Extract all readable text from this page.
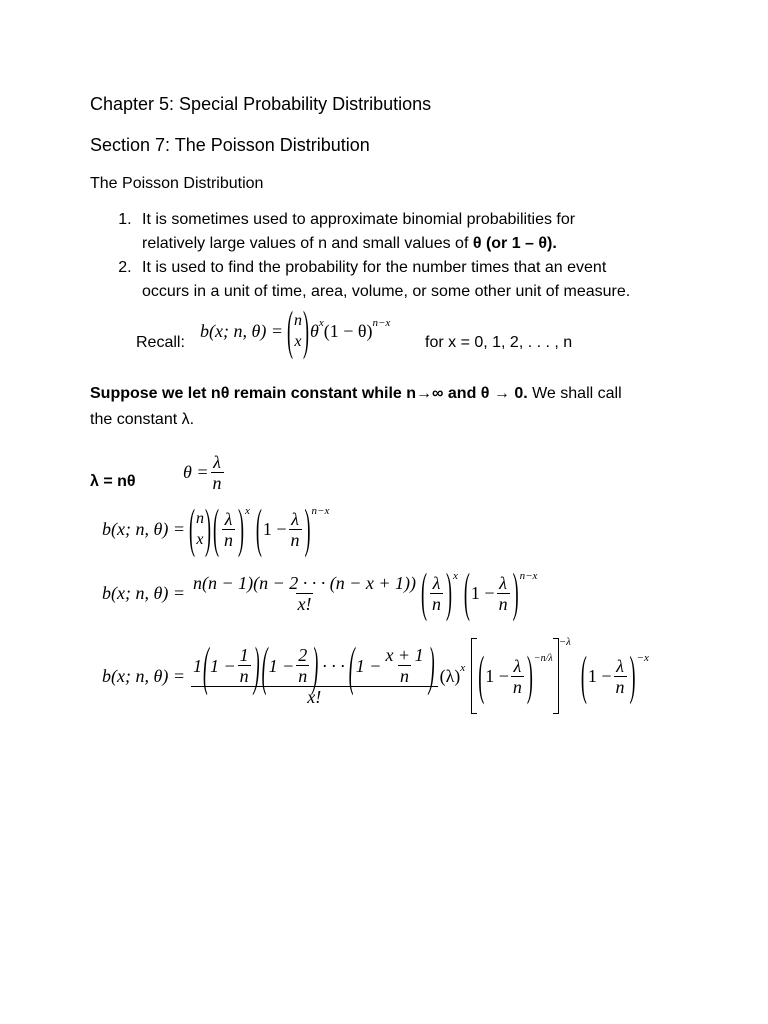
Chapter 5: Special Probability Distributions
Section 7: The Poisson Distribution
The Poisson Distribution
1. It is sometimes used to approximate binomial probabilities for
relatively large values of n and small values of θ (or 1 – θ).
2. It is used to find the probability for the number times that an event
occurs in a unit of time, area, volume, or some other unit of measure.
Recall:
b(x; n, θ) = ( n
x ) θ x (1 − θ) n−x
for x = 0, 1, 2, . . . , n
Suppose we let nθ remain constant while n→∞ and θ → 0. We shall call
the constant λ.
λ = nθ	$\theta = \frac{\lambda}{n}$
b(x; n, θ) = ( n
x ) ( $\frac{\lambda}{n}$ ) x ( $1 - \frac{\lambda}{n}$ ) n−x
b(x; n, $\theta) = \frac{n(n - 1)(n - 2 \cdot \cdot \cdot (n - x + 1))}{x!}$ ( $\frac{\lambda}{n}$ ) x ( $1 - \frac{\lambda}{n}$ ) n−x
b(x; n, θ) = 1 ( $1 - \frac{1}{n}$ ) ( $1 - \frac{2}{n}$ ) · · · ( $1 - \frac{x + 1}{n}$ )
x!
(λ) x ( $1 - \frac{\lambda}{n}$ ) −n/λ
−λ
( $1 - \frac{\lambda}{n}$ ) −x
